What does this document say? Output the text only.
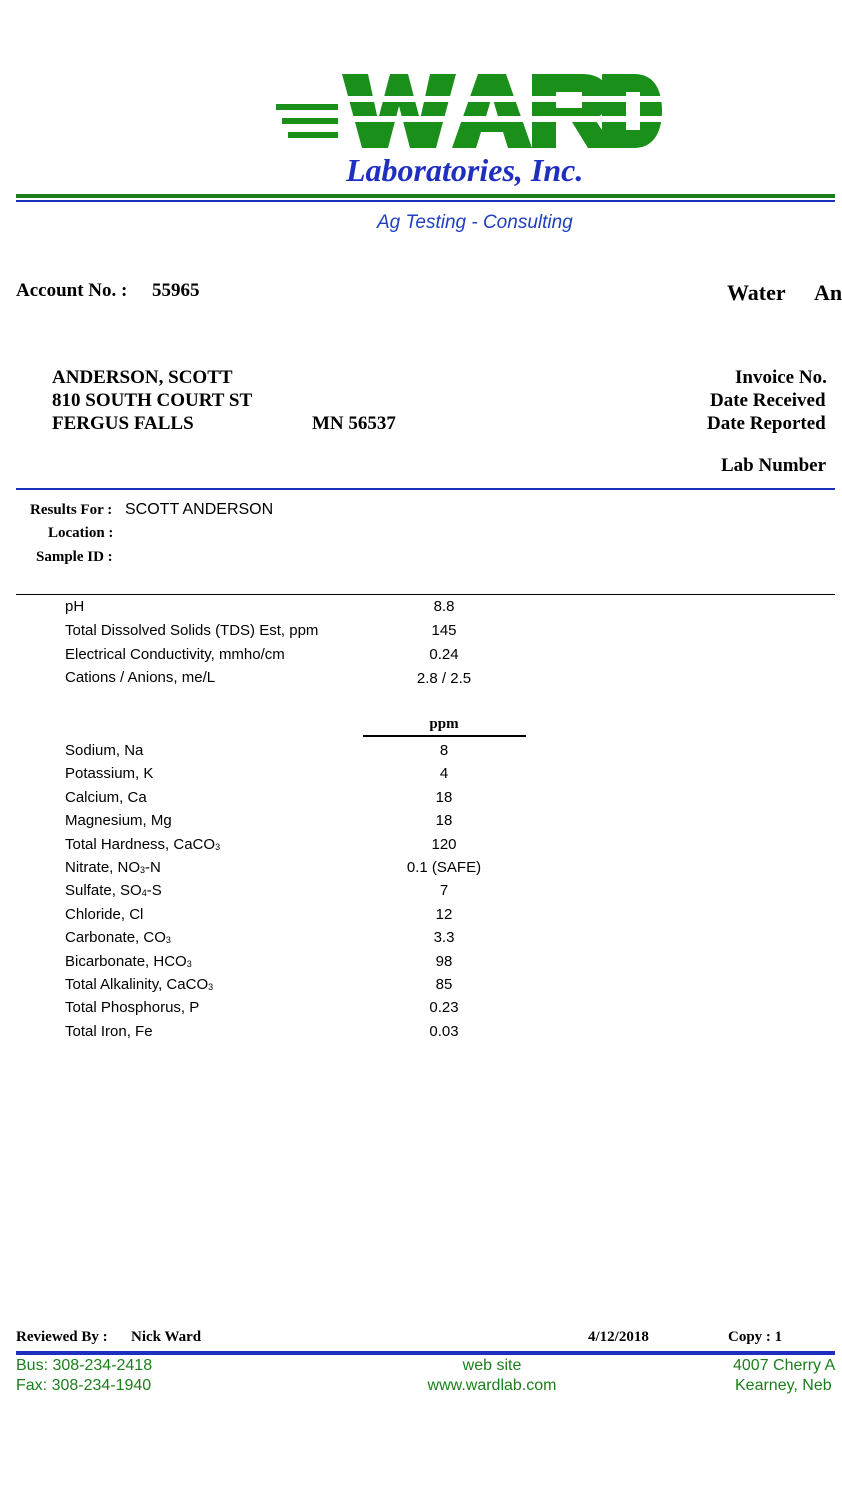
Laboratories, Inc.
Ag Testing - Consulting
Account No. : 55965	Water An
ANDERSON, SCOTT
810 SOUTH COURT ST
FERGUS FALLS	MN 56537
Invoice No.
Date Received
Date Reported
Lab Number
Results For : SCOTT ANDERSON
Location :
Sample ID :
pH	8.8
Total Dissolved Solids (TDS) Est, ppm	145
Electrical Conductivity, mmho/cm	0.24
Cations / Anions, me/L	2.8 / 2.5
ppm
Sodium, Na	8
Potassium, K	4
Calcium, Ca	18
Magnesium, Mg	18
Total Hardness, CaCO$_3$	120
Nitrate, $NO_3-N$	0.1 (SAFE)
Sulfate, $SO_4-S$	7
Chloride, Cl	12
Carbonate, $CO_3$	3.3
Bicarbonate, $HCO_3$	98
Total Alkalinity, CaCO$_3$	85
Total Phosphorus, P	0.23
Total Iron, Fe	0.03
Reviewed By : Nick Ward	4/12/2018	Copy : 1
Bus: 308-234-2418
Fax: 308-234-1940
web site
www.wardlab.com
4007 Cherry A
Kearney, Neb
